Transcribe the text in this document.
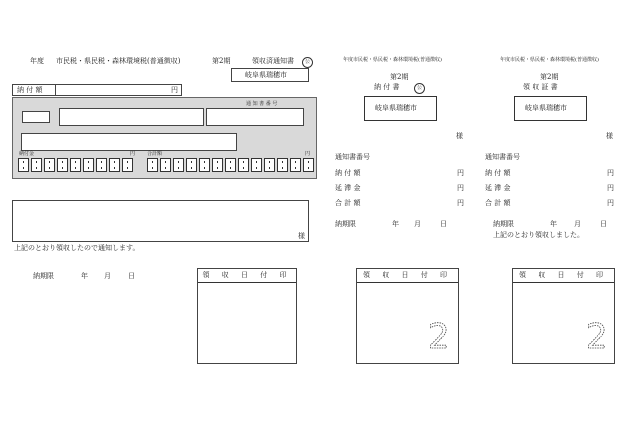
年度 市民税・県民税・森林環境税(普通徴収)	第2期	領収済通知書	公
岐阜県瑞穂市
納 付 額	円
通 知 書 番 号
納付金	円 合計額	円
様
上記のとおり領収したので通知します。
納期限	年 月 日	領 収 日 付 印
年度市民税・県民税・森林環境税(普通徴収)
第2期
納 付 書	公
岐阜県瑞穂市
様
通知書番号
納 付 額	円
延 滞 金	円
合 計 額	円
納期限	年 月	日
領 収 日 付 印
2
年度市民税・県民税・森林環境税(普通徴収)
第2期
領 収 証 書
岐阜県瑞穂市
様
通知書番号
納 付 額	円
延 滞 金	円
合 計 額	円
納期限	年 月	日
上記のとおり領収しました。
領 収 日 付 印
2
